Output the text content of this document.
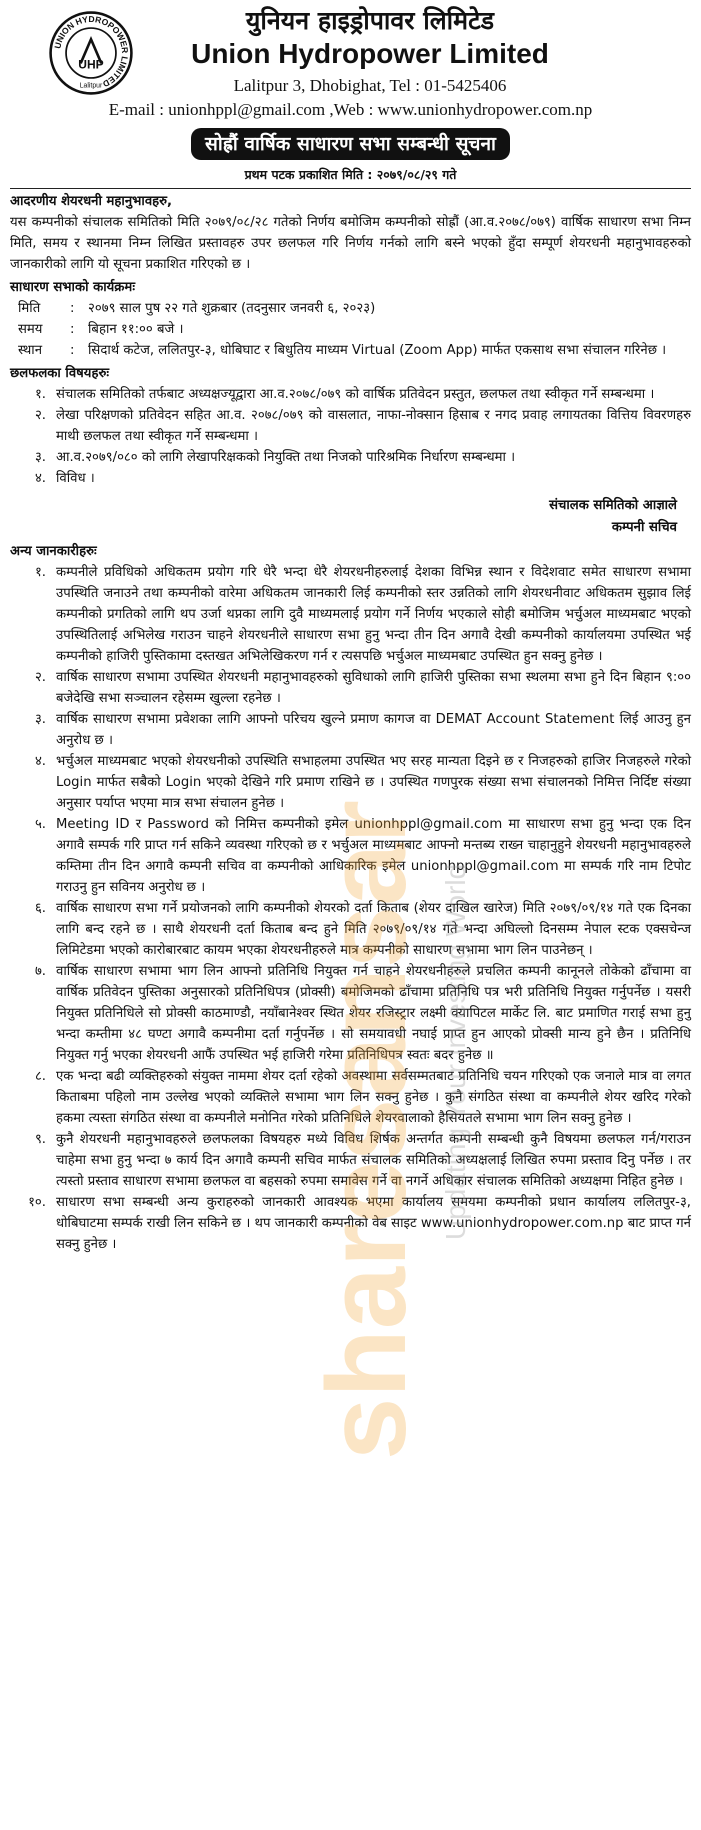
UNION HYDROPOWER LIMITED
UHP
Lalitpur
युनियन हाइड्रोपावर लिमिटेड
Union Hydropower Limited
Lalitpur 3, Dhobighat, Tel : 01-5425406
E-mail : unionhppl@gmail.com ,Web : www.unionhydropower.com.np
सोह्रौं वार्षिक साधारण सभा सम्बन्धी सूचना
प्रथम पटक प्रकाशित मिति : २०७९/०८/२९ गते
आदरणीय शेयरधनी महानुभावहरु,
यस कम्पनीको संचालक समितिको मिति २०७९/०८/२८ गतेको निर्णय बमोजिम कम्पनीको सोह्रौं (आ.व.२०७८/०७९) वार्षिक साधारण सभा निम्न मिति, समय र स्थानमा निम्न लिखित प्रस्तावहरु उपर छलफल गरि निर्णय गर्नको लागि बस्ने भएको हुँदा सम्पूर्ण शेयरधनी महानुभावहरुको जानकारीको लागि यो सूचना प्रकाशित गरिएको छ ।
साधारण सभाको कार्यक्रमः
मिति	:	२०७९ साल पुष २२ गते शुक्रबार (तदनुसार जनवरी ६, २०२३)
समय	:	बिहान ११:०० बजे ।
स्थान	:	सिदार्थ कटेज, ललितपुर-३, धोबिघाट र बिधुतिय माध्यम Virtual (Zoom App) मार्फत एकसाथ सभा संचालन गरिनेछ ।
छलफलका विषयहरुः
१. संचालक समितिको तर्फबाट अध्यक्षज्यूद्वारा आ.व.२०७८/०७९ को वार्षिक प्रतिवेदन प्रस्तुत, छलफल तथा स्वीकृत गर्ने सम्बन्धमा ।
२. लेखा परिक्षणको प्रतिवेदन सहित आ.व. २०७८/०७९ को वासलात, नाफा-नोक्सान हिसाब र नगद प्रवाह लगायतका वित्तिय विवरणहरु माथी छलफल तथा स्वीकृत गर्ने सम्बन्धमा ।
३. आ.व.२०७९/०८० को लागि लेखापरिक्षकको नियुक्ति तथा निजको पारिश्रमिक निर्धारण सम्बन्धमा ।
४. विविध ।
संचालक समितिको आज्ञाले
कम्पनी सचिव
अन्य जानकारीहरुः
१. कम्पनीले प्रविधिको अधिकतम प्रयोग गरि धेरै भन्दा धेरै शेयरधनीहरुलाई देशका विभिन्न स्थान र विदेशवाट समेत साधारण सभामा उपस्थिति जनाउने तथा कम्पनीको वारेमा अधिकतम जानकारी लिई कम्पनीको स्तर उन्नतिको लागि शेयरधनीवाट अधिकतम सुझाव लिई कम्पनीको प्रगतिको लागि थप उर्जा थप्नका लागि दुवै माध्यमलाई प्रयोग गर्ने निर्णय भएकाले सोही बमोजिम भर्चुअल माध्यमबाट भएको उपस्थितिलाई अभिलेख गराउन चाहने शेयरधनीले साधारण सभा हुनु भन्दा तीन दिन अगावै देखी कम्पनीको कार्यालयमा उपस्थित भई कम्पनीको हाजिरी पुस्तिकामा दस्तखत अभिलेखिकरण गर्न र त्यसपछि भर्चुअल माध्यमबाट उपस्थित हुन सक्नु हुनेछ ।
२. वार्षिक साधारण सभामा उपस्थित शेयरधनी महानुभावहरुको सुविधाको लागि हाजिरी पुस्तिका सभा स्थलमा सभा हुने दिन बिहान ९:०० बजेदेखि सभा सञ्चालन रहेसम्म खुल्ला रहनेछ ।
३. वार्षिक साधारण सभामा प्रवेशका लागि आफ्नो परिचय खुल्ने प्रमाण कागज वा DEMAT Account Statement लिई आउनु हुन अनुरोध छ ।
४. भर्चुअल माध्यमबाट भएको शेयरधनीको उपस्थिति सभाहलमा उपस्थित भए सरह मान्यता दिइने छ र निजहरुको हाजिर निजहरुले गरेको Login मार्फत सबैको Login भएको देखिने गरि प्रमाण राखिने छ । उपस्थित गणपुरक संख्या सभा संचालनको निमित्त निर्दिष्ट संख्या अनुसार पर्याप्त भएमा मात्र सभा संचालन हुनेछ ।
५. Meeting ID र Password को निमित्त कम्पनीको इमेल unionhppl@gmail.com मा साधारण सभा हुनु भन्दा एक दिन अगावै सम्पर्क गरि प्राप्त गर्न सकिने व्यवस्था गरिएको छ र भर्चुअल माध्यमबाट आफ्नो मन्तब्य राख्न चाहानुहुने शेयरधनी महानुभावहरुले कम्तिमा तीन दिन अगावै कम्पनी सचिव वा कम्पनीको आधिकारिक इमेल unionhppl@gmail.com मा सम्पर्क गरि नाम टिपोट गराउनु हुन सविनय अनुरोध छ ।
६. वार्षिक साधारण सभा गर्ने प्रयोजनको लागि कम्पनीको शेयरको दर्ता किताब (शेयर दाखिल खारेज) मिति २०७९/०९/१४ गते एक दिनका लागि बन्द रहने छ । साथै शेयरधनी दर्ता किताब बन्द हुने मिति २०७९/०९/१४ गते भन्दा अघिल्लो दिनसम्म नेपाल स्टक एक्सचेन्ज लिमिटेडमा भएको कारोबारबाट कायम भएका शेयरधनीहरुले मात्र कम्पनीको साधारण सभामा भाग लिन पाउनेछन् ।
७. वार्षिक साधारण सभामा भाग लिन आफ्नो प्रतिनिधि नियुक्त गर्न चाहने शेयरधनीहरुले प्रचलित कम्पनी कानूनले तोकेको ढाँचामा वा वार्षिक प्रतिवेदन पुस्तिका अनुसारको प्रतिनिधिपत्र (प्रोक्सी) बमोजिमको ढाँचामा प्रतिनिधि पत्र भरी प्रतिनिधि नियुक्त गर्नुपर्नेछ । यसरी नियुक्त प्रतिनिधिले सो प्रोक्सी काठमाण्डौ, नयाँबानेश्वर स्थित शेयर रजिस्ट्रार लक्ष्मी क्यापिटल मार्केट लि. बाट प्रमाणित गराई सभा हुनु भन्दा कम्तीमा ४८ घण्टा अगावै कम्पनीमा दर्ता गर्नुपर्नेछ । सो समयावधी नघाई प्राप्त हुन आएको प्रोक्सी मान्य हुने छैन । प्रतिनिधि नियुक्त गर्नु भएका शेयरधनी आफैं उपस्थित भई हाजिरी गरेमा प्रतिनिधिपत्र स्वतः बदर हुनेछ ॥
८. एक भन्दा बढी व्यक्तिहरुको संयुक्त नाममा शेयर दर्ता रहेको अवस्थामा सर्वसम्मतबाट प्रतिनिधि चयन गरिएको एक जनाले मात्र वा लगत किताबमा पहिलो नाम उल्लेख भएको व्यक्तिले सभामा भाग लिन सक्नु हुनेछ । कुनै संगठित संस्था वा कम्पनीले शेयर खरिद गरेको हकमा त्यस्ता संगठित संस्था वा कम्पनीले मनोनित गरेको प्रतिनिधिले शेयरवालाको हैसियतले सभामा भाग लिन सक्नु हुनेछ ।
९. कुनै शेयरधनी महानुभावहरुले छलफलका विषयहरु मध्ये विविध शिर्षक अन्तर्गत कम्पनी सम्बन्धी कुनै विषयमा छलफल गर्न/गराउन चाहेमा सभा हुनु भन्दा ७ कार्य दिन अगावै कम्पनी सचिव मार्फत संचालक समितिको अध्यक्षलाई लिखित रुपमा प्रस्ताव दिनु पर्नेछ । तर त्यस्तो प्रस्ताव साधारण सभामा छलफल वा बहसको रुपमा समावेस गर्ने वा नगर्ने अधिकार संचालक समितिको अध्यक्षमा निहित हुनेछ ।
१०. साधारण सभा सम्बन्धी अन्य कुराहरुको जानकारी आवश्यक भएमा कार्यालय समयमा कम्पनीको प्रधान कार्यालय ललितपुर-३, धोबिघाटमा सम्पर्क राखी लिन सकिने छ । थप जानकारी कम्पनीको वेब साइट www.unionhydropower.com.np बाट प्राप्त गर्न सक्नु हुनेछ ।	sharesansar Updating Your Investing World
